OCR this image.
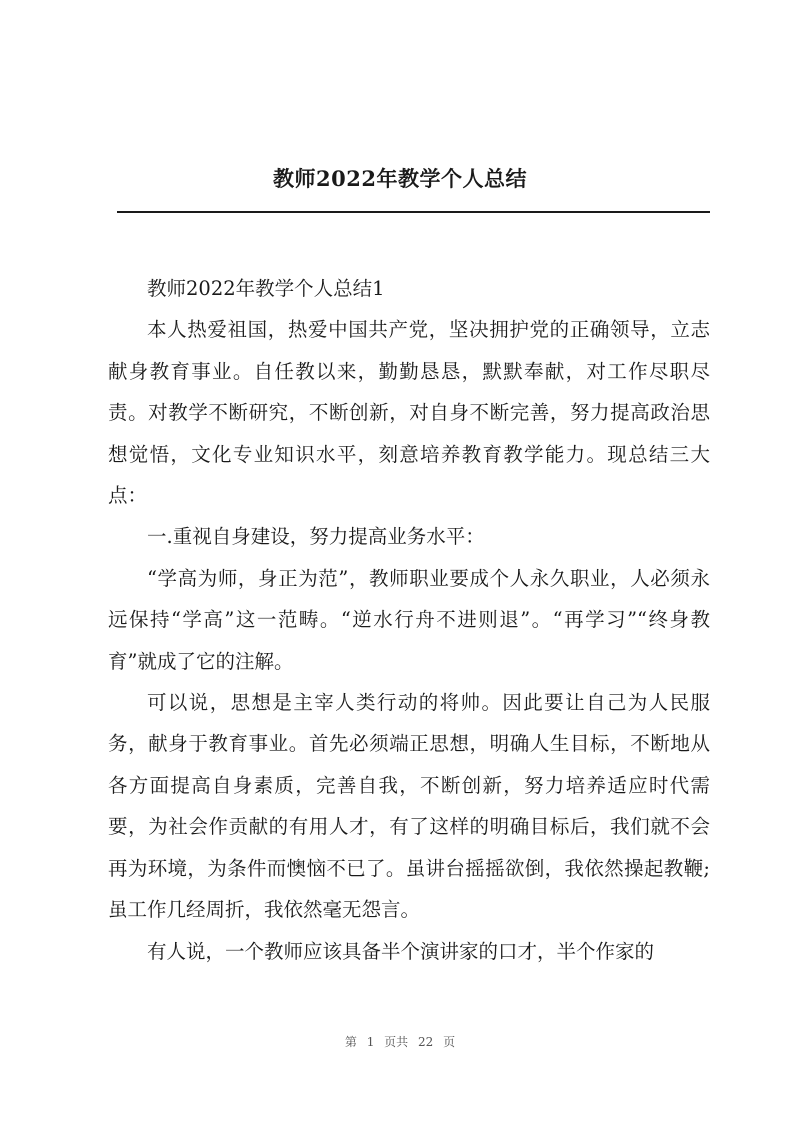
教师2022年教学个人总结

教师2022年教学个人总结1

本人热爱祖国，热爱中国共产党，坚决拥护党的正确领导，立志献身教育事业。自任教以来，勤勤恳恳，默默奉献，对工作尽职尽责。对教学不断研究，不断创新，对自身不断完善，努力提高政治思想觉悟，文化专业知识水平，刻意培养教育教学能力。现总结三大点：

一.重视自身建设，努力提高业务水平：

“学高为师，身正为范”，教师职业要成个人永久职业，人必须永远保持“学高”这一范畴。“逆水行舟不进则退”。“再学习”“终身教育”就成了它的注解。

可以说，思想是主宰人类行动的将帅。因此要让自己为人民服务，献身于教育事业。首先必须端正思想，明确人生目标，不断地从各方面提高自身素质，完善自我，不断创新，努力培养适应时代需要，为社会作贡献的有用人才，有了这样的明确目标后，我们就不会再为环境，为条件而懊恼不已了。虽讲台摇摇欲倒，我依然操起教鞭;虽工作几经周折，我依然毫无怨言。

有人说，一个教师应该具备半个演讲家的口才，半个作家的

第 1 页共 22 页
